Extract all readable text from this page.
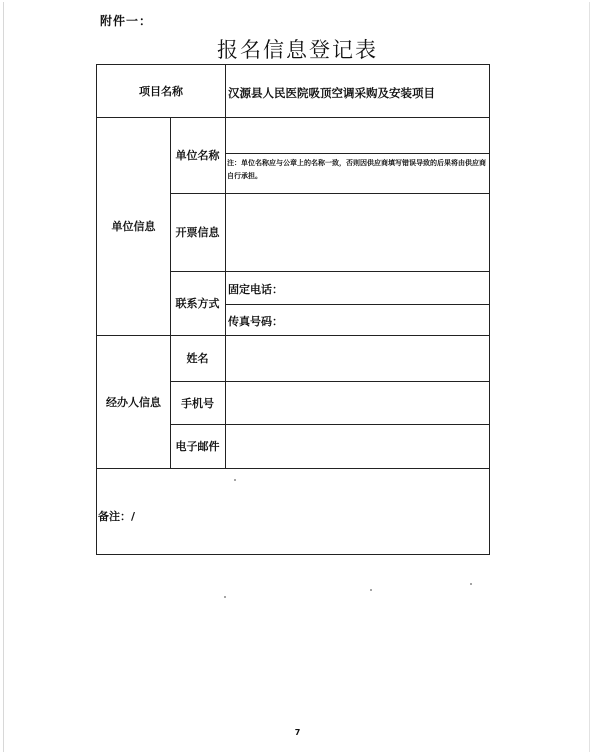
附件一：
报名信息登记表
项目名称	汉源县人民医院吸顶空调采购及安装项目
单位信息
单位名称
注：单位名称应与公章上的名称一致，否则因供应商填写错误导致的后果将由供应商自行承担。
开票信息
联系方式
固定电话：
传真号码：
经办人信息
姓名
手机号
电子邮件
备注：/
7
